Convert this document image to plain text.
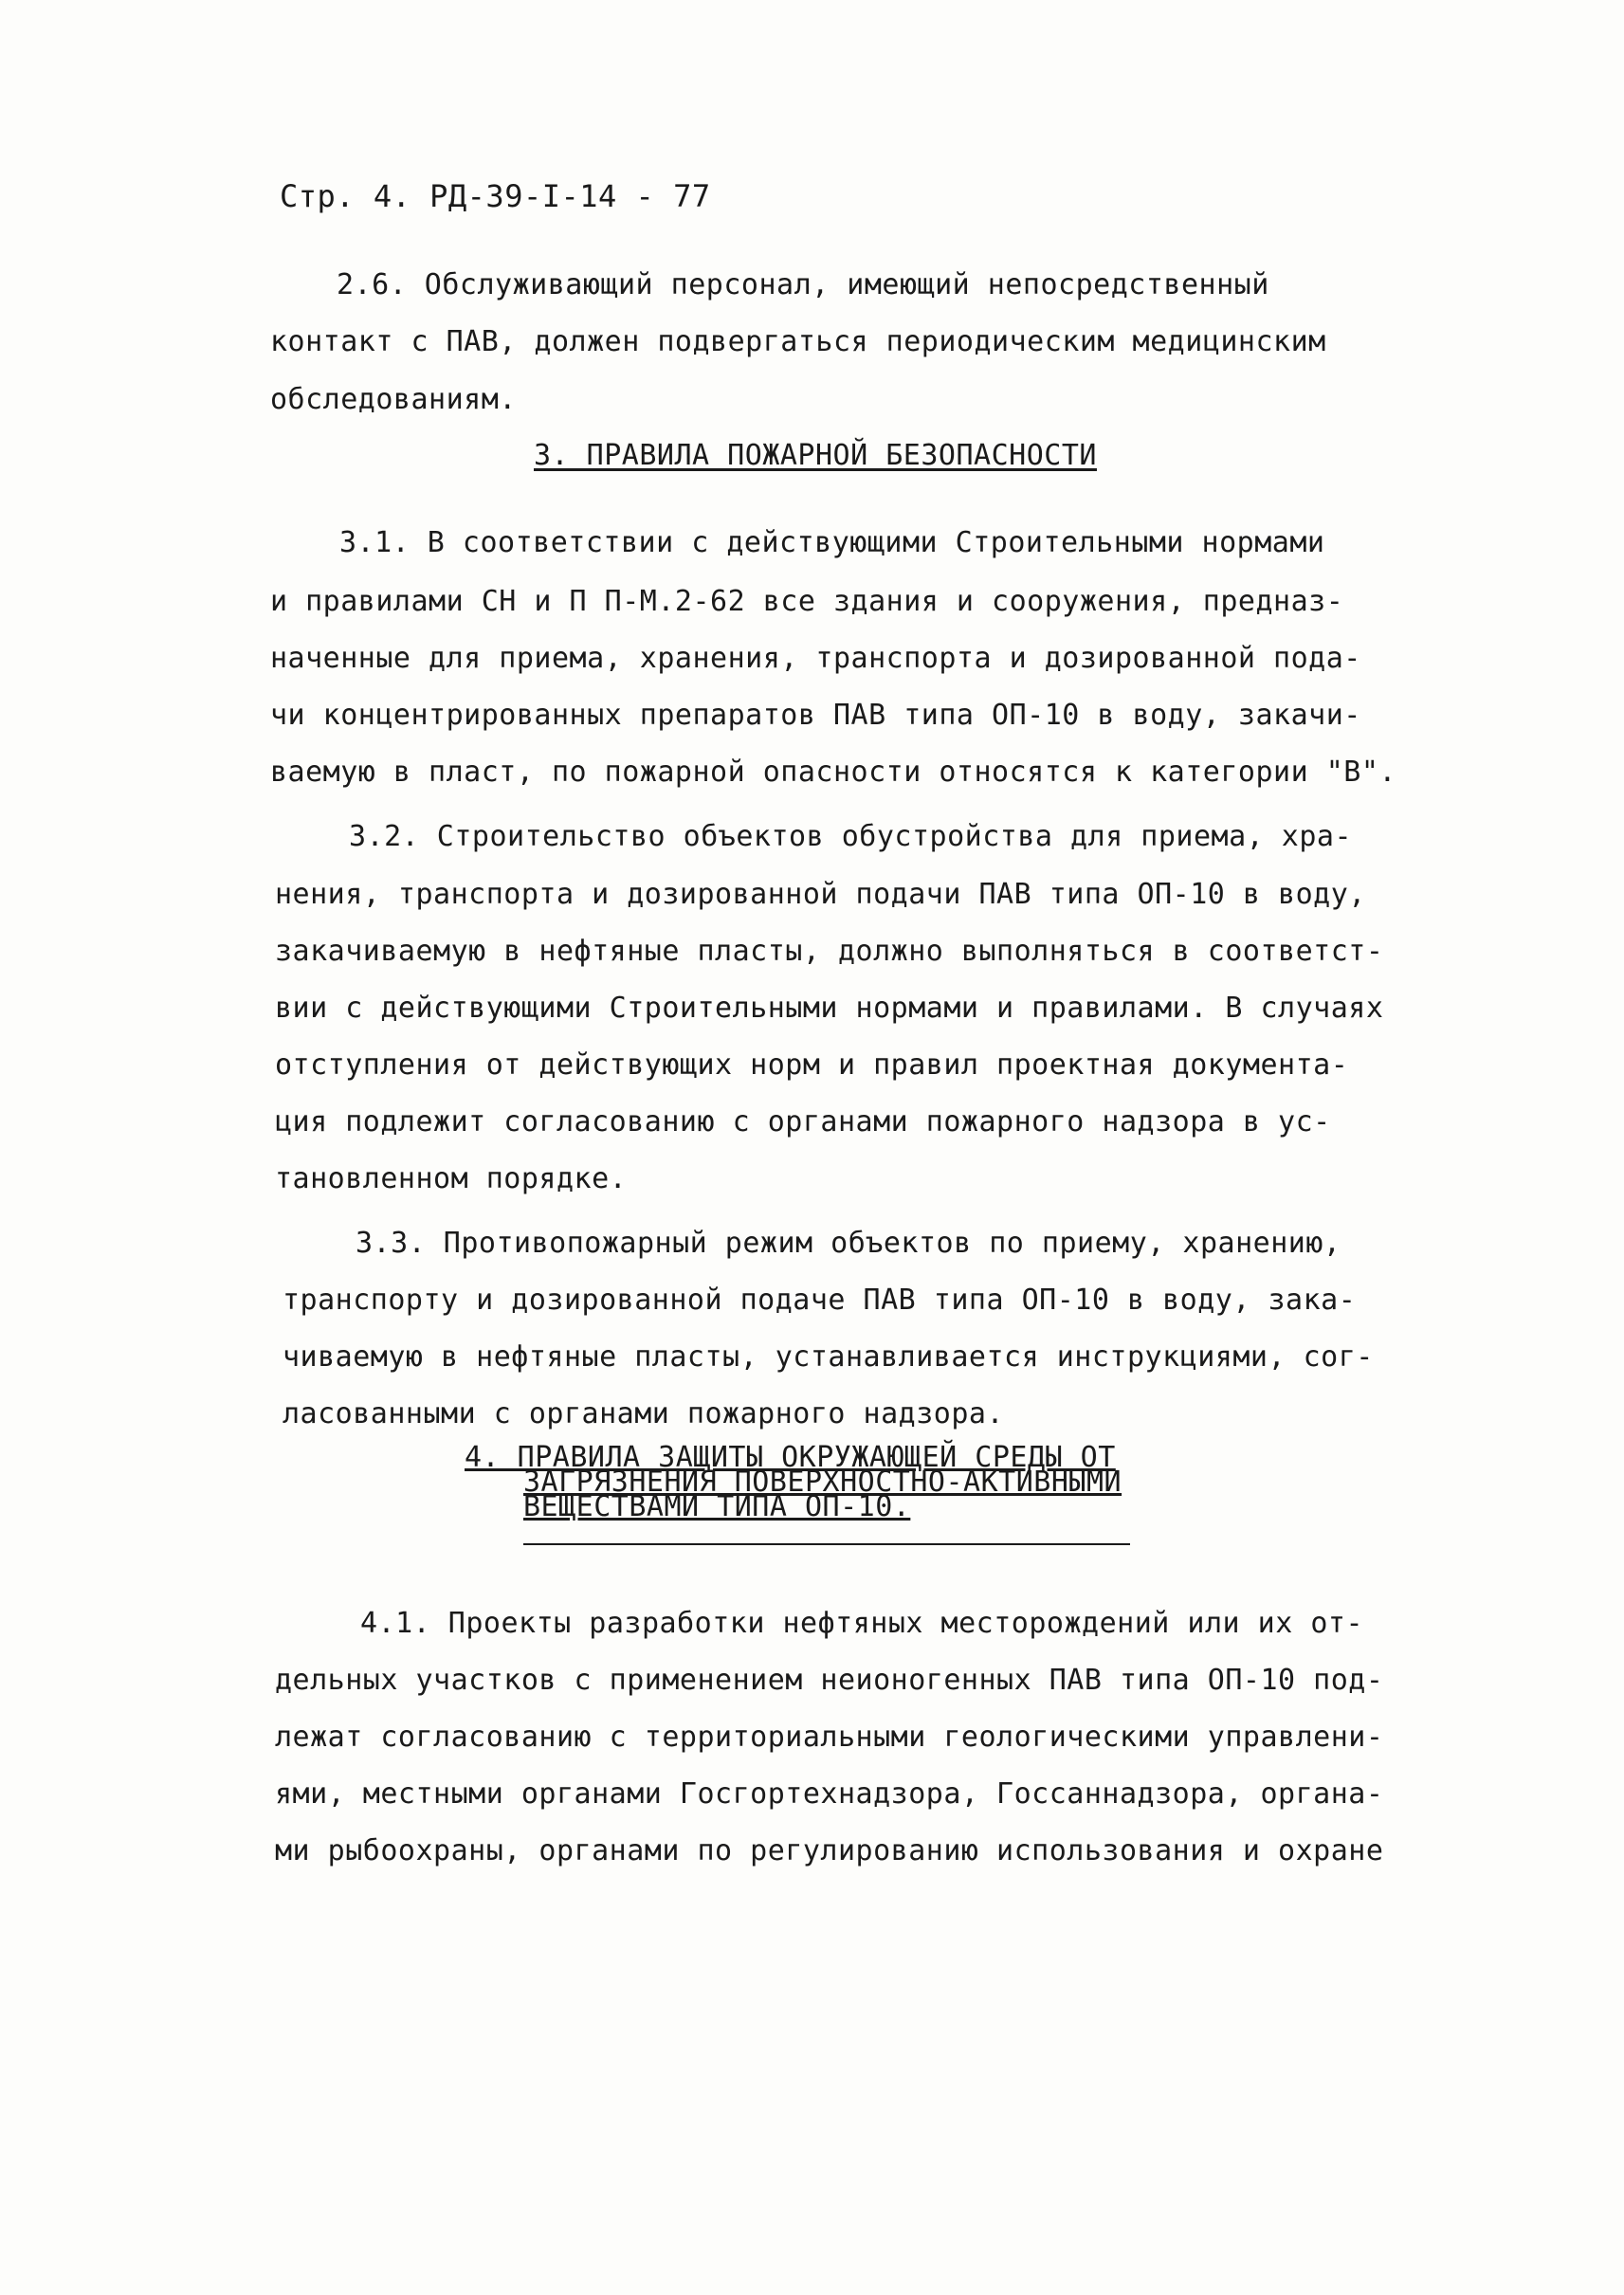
Стр. 4. РД-39-I-14 - 77
2.6. Обслуживающий персонал, имеющий непосредственный
контакт с ПАВ, должен подвергаться периодическим медицинским
обследованиям.
3. ПРАВИЛА ПОЖАРНОЙ БЕЗОПАСНОСТИ
3.1. В соответствии с действующими Строительными нормами
и правилами СН и П П-М.2-62 все здания и сооружения, предназ-
наченные для приема, хранения, транспорта и дозированной пода-
чи концентрированных препаратов ПАВ типа ОП-10 в воду, закачи-
ваемую в пласт, по пожарной опасности относятся к категории "В".
3.2. Строительство объектов обустройства для приема, хра-
нения, транспорта и дозированной подачи ПАВ типа ОП-10 в воду,
закачиваемую в нефтяные пласты, должно выполняться в соответст-
вии с действующими Строительными нормами и правилами. В случаях
отступления от действующих норм и правил проектная документа-
ция подлежит согласованию с органами пожарного надзора в ус-
тановленном порядке.
3.3. Противопожарный режим объектов по приему, хранению,
транспорту и дозированной подаче ПАВ типа ОП-10 в воду, зака-
чиваемую в нефтяные пласты, устанавливается инструкциями, сог-
ласованными с органами пожарного надзора.
4. ПРАВИЛА ЗАЩИТЫ ОКРУЖАЮЩЕЙ СРЕДЫ ОТ
ЗАГРЯЗНЕНИЯ ПОВЕРХНОСТНО-АКТИВНЫМИ
ВЕЩЕСТВАМИ ТИПА ОП-10.
4.1. Проекты разработки нефтяных месторождений или их от-
дельных участков с применением неионогенных ПАВ типа ОП-10 под-
лежат согласованию с территориальными геологическими управлени-
ями, местными органами Госгортехнадзора, Госсаннадзора, органа-
ми рыбоохраны, органами по регулированию использования и охране
